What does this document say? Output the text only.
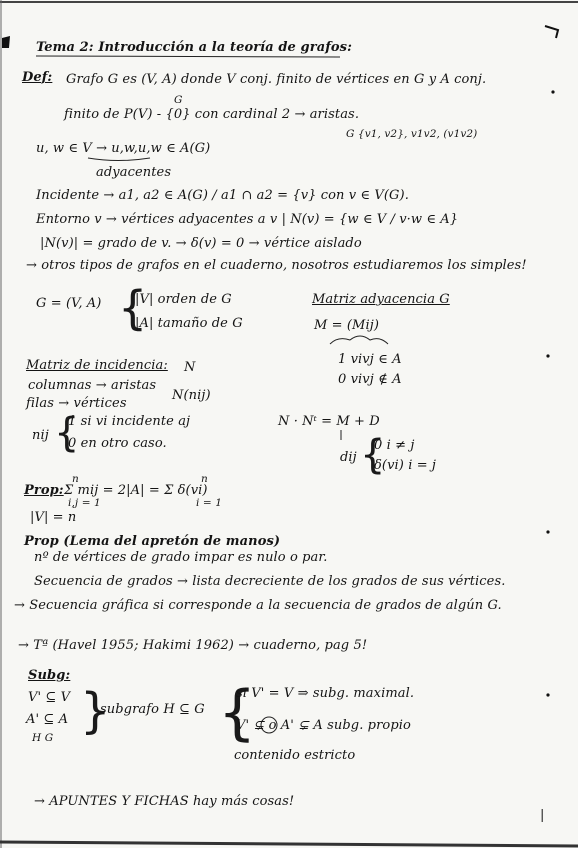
Tema 2: Introducción a la teoría de grafos:
Def: Grafo G es (V, A) donde V conj. finito de vértices en G y A conj.
G
finito de P(V) - {0} con cardinal 2 → aristas.
G {v1, v2}, v1v2, (v1v2)
u, w ∈ V → u,w,u,w ∈ A(G)
adyacentes
Incidente → a1, a2 ∈ A(G) / a1 ∩ a2 = {v} con v ∈ V(G).
Entorno v → vértices adyacentes a v | N(v) = {w ∈ V / v·w ∈ A}
|N(v)| = grado de v. → δ(v) = 0 → vértice aislado
→ otros tipos de grafos en el cuaderno, nosotros estudiaremos los simples!
G = (V, A) {
|V| orden de G
|A| tamaño de G
Matriz adyacencia G
M = (Mij)
1 vivj ∈ A
0 vivj ∉ A
Matriz de incidencia: N
columnas → aristas
filas → vértices
N(nij)
nij {
1 si vi incidente aj
0 en otro caso.
N · Nᵗ = M + D
dij {
0 i ≠ j
δ(vi) i = j
Prop:
n
Σ mij = 2|A| = Σ δ(vi)
i,j = 1
n
i = 1
|V| = n
Prop (Lema del apretón de manos)
nº de vértices de grado impar es nulo o par.
Secuencia de grados → lista decreciente de los grados de sus vértices.
→ Secuencia gráfica si corresponde a la secuencia de grados de algún G.
→ Tª (Havel 1955; Hakimi 1962) → cuaderno, pag 5!
Subg:
V' ⊆ V
A' ⊆ A
H G }
subgrafo H ⊆ G {
si V' = V ⇒ subg. maximal.
V' ⊊ o A' ⊊ A subg. propio
contenido estricto
→ APUNTES Y FICHAS hay más cosas!
|
